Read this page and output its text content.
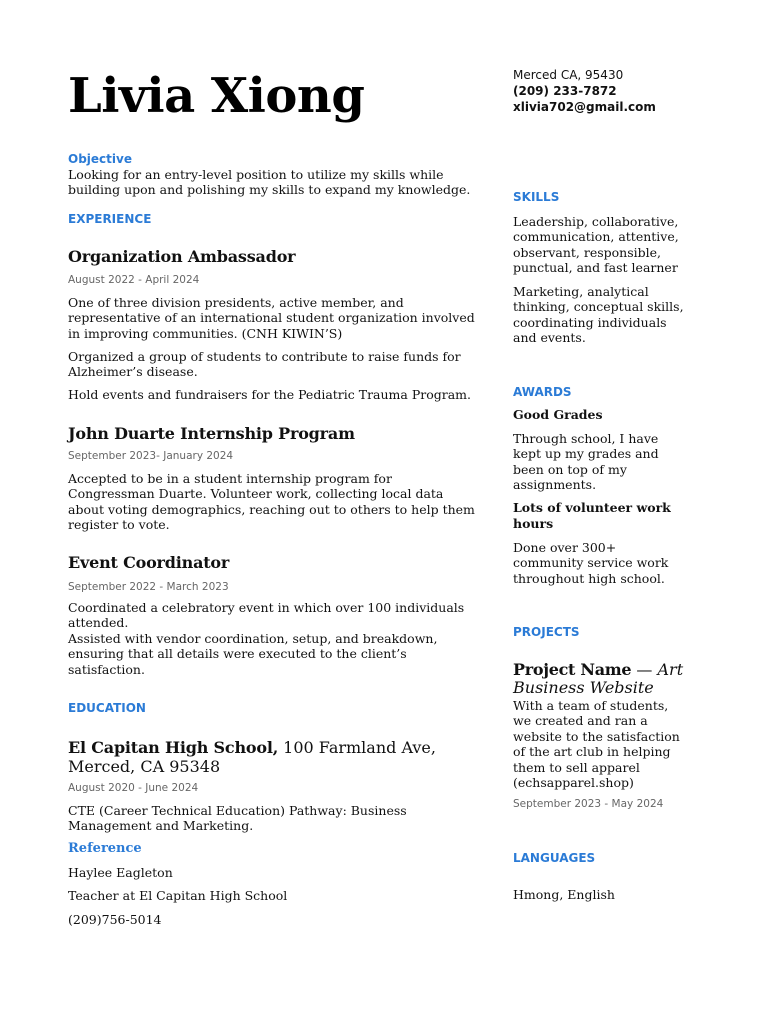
Livia Xiong	Merced CA, 95430
(209) 233-7872
xlivia702@gmail.com
Objective
Looking for an entry-level position to utilize my skills while building upon and polishing my skills to expand my knowledge.
EXPERIENCE
Organization Ambassador
August 2022 - April 2024
One of three division presidents, active member, and representative of an international student organization involved in improving communities. (CNH KIWIN’S)
Organized a group of students to contribute to raise funds for Alzheimer’s disease.
Hold events and fundraisers for the Pediatric Trauma Program.
John Duarte Internship Program
September 2023- January 2024
Accepted to be in a student internship program for Congressman Duarte. Volunteer work, collecting local data about voting demographics, reaching out to others to help them register to vote.
Event Coordinator
September 2022 - March 2023
Coordinated a celebratory event in which over 100 individuals attended.
Assisted with vendor coordination, setup, and breakdown, ensuring that all details were executed to the client’s satisfaction.
EDUCATION
El Capitan High School, 100 Farmland Ave, Merced, CA 95348
August 2020 - June 2024
CTE (Career Technical Education) Pathway: Business Management and Marketing.
Reference
Haylee Eagleton
Teacher at El Capitan High School
(209)756-5014
SKILLS
Leadership, collaborative, communication, attentive, observant, responsible, punctual, and fast learner
Marketing, analytical thinking, conceptual skills, coordinating individuals and events.
AWARDS
Good Grades
Through school, I have kept up my grades and been on top of my assignments.
Lots of volunteer work hours
Done over 300+ community service work throughout high school.
PROJECTS
Project Name — Art Business Website
With a team of students, we created and ran a website to the satisfaction of the art club in helping them to sell apparel (echsapparel.shop)
September 2023 - May 2024
LANGUAGES
Hmong, English
